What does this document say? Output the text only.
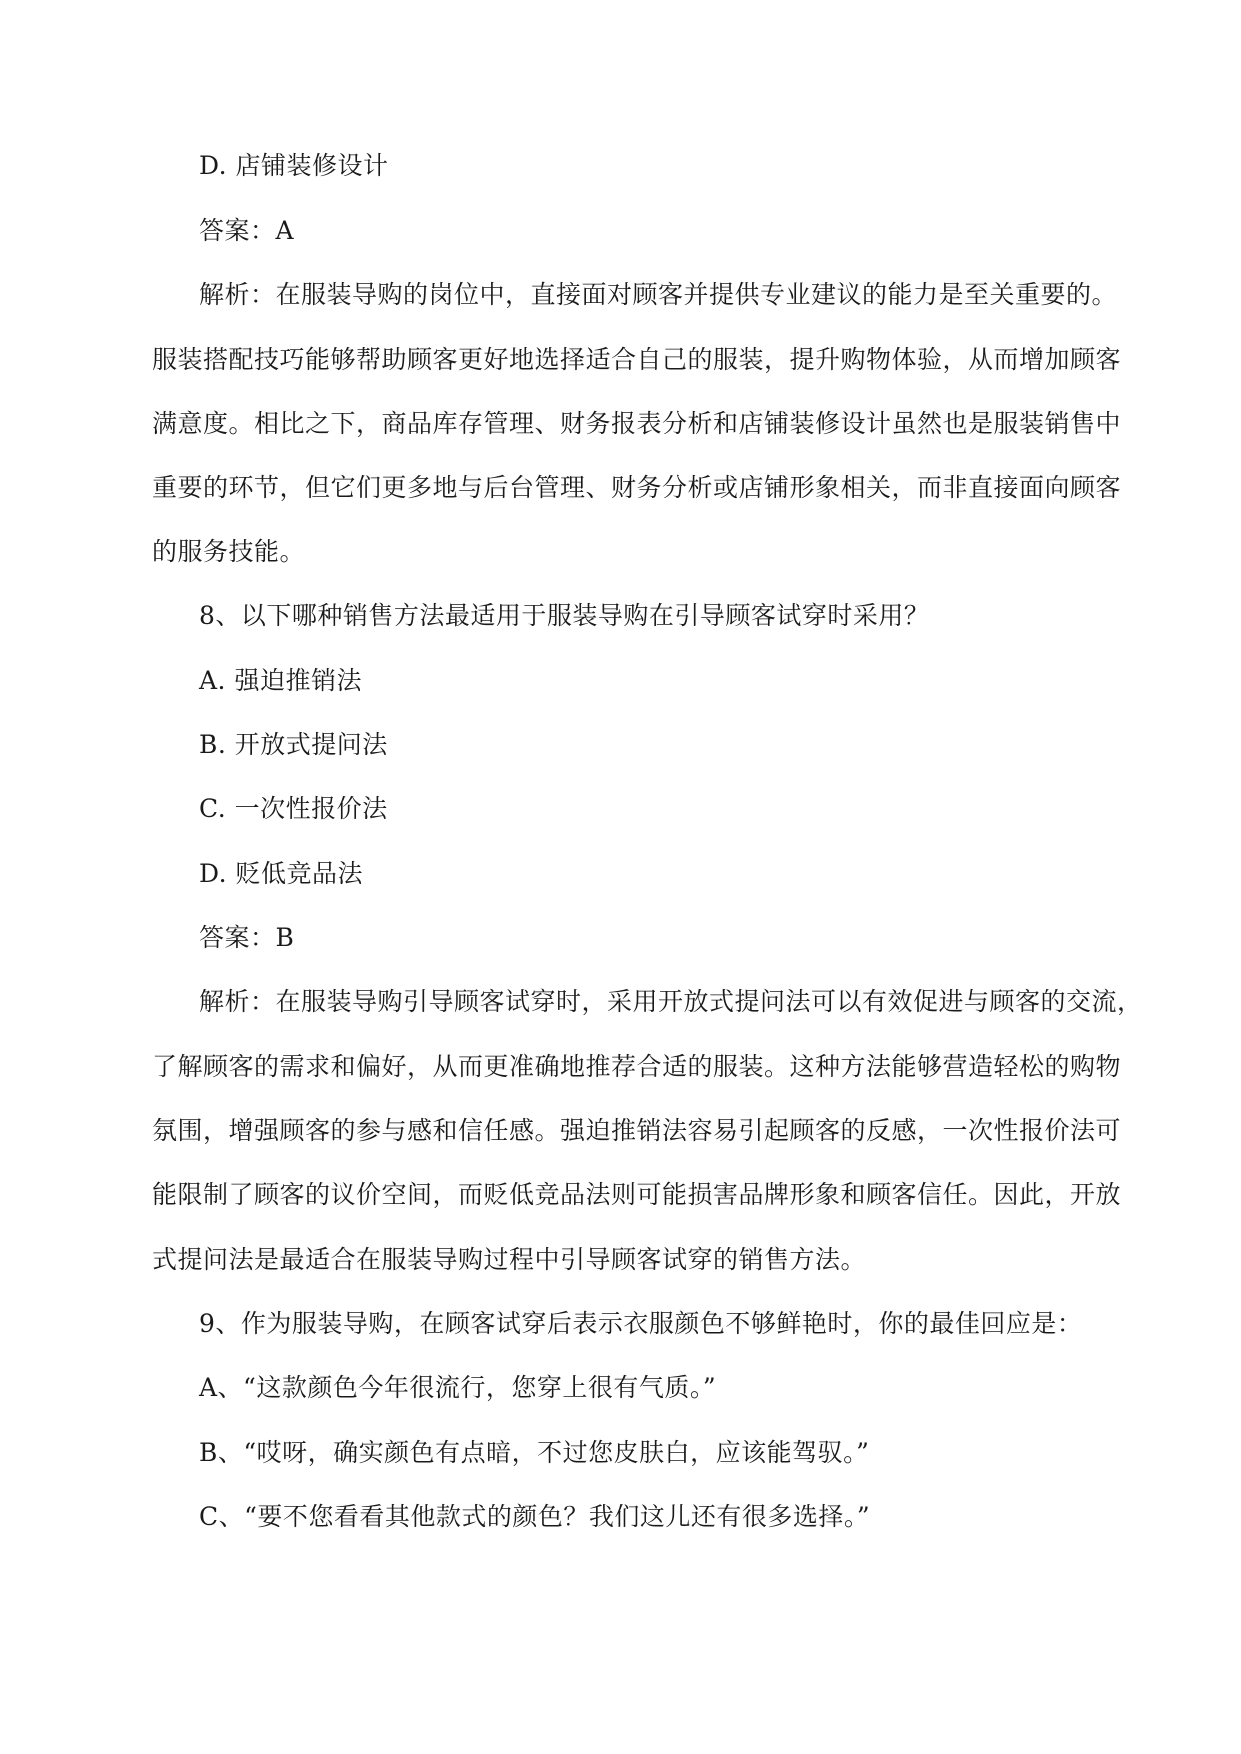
D. 店铺装修设计
答案：A
解析：在服装导购的岗位中，直接面对顾客并提供专业建议的能力是至关重要的。
服装搭配技巧能够帮助顾客更好地选择适合自己的服装，提升购物体验，从而增加顾客
满意度。相比之下，商品库存管理、财务报表分析和店铺装修设计虽然也是服装销售中
重要的环节，但它们更多地与后台管理、财务分析或店铺形象相关，而非直接面向顾客
的服务技能。
8、以下哪种销售方法最适用于服装导购在引导顾客试穿时采用？
A. 强迫推销法
B. 开放式提问法
C. 一次性报价法
D. 贬低竞品法
答案：B
解析：在服装导购引导顾客试穿时，采用开放式提问法可以有效促进与顾客的交流，
了解顾客的需求和偏好，从而更准确地推荐合适的服装。这种方法能够营造轻松的购物
氛围，增强顾客的参与感和信任感。强迫推销法容易引起顾客的反感，一次性报价法可
能限制了顾客的议价空间，而贬低竞品法则可能损害品牌形象和顾客信任。因此，开放
式提问法是最适合在服装导购过程中引导顾客试穿的销售方法。
9、作为服装导购，在顾客试穿后表示衣服颜色不够鲜艳时，你的最佳回应是：
A、“这款颜色今年很流行，您穿上很有气质。”
B、“哎呀，确实颜色有点暗，不过您皮肤白，应该能驾驭。”
C、“要不您看看其他款式的颜色？我们这儿还有很多选择。”
